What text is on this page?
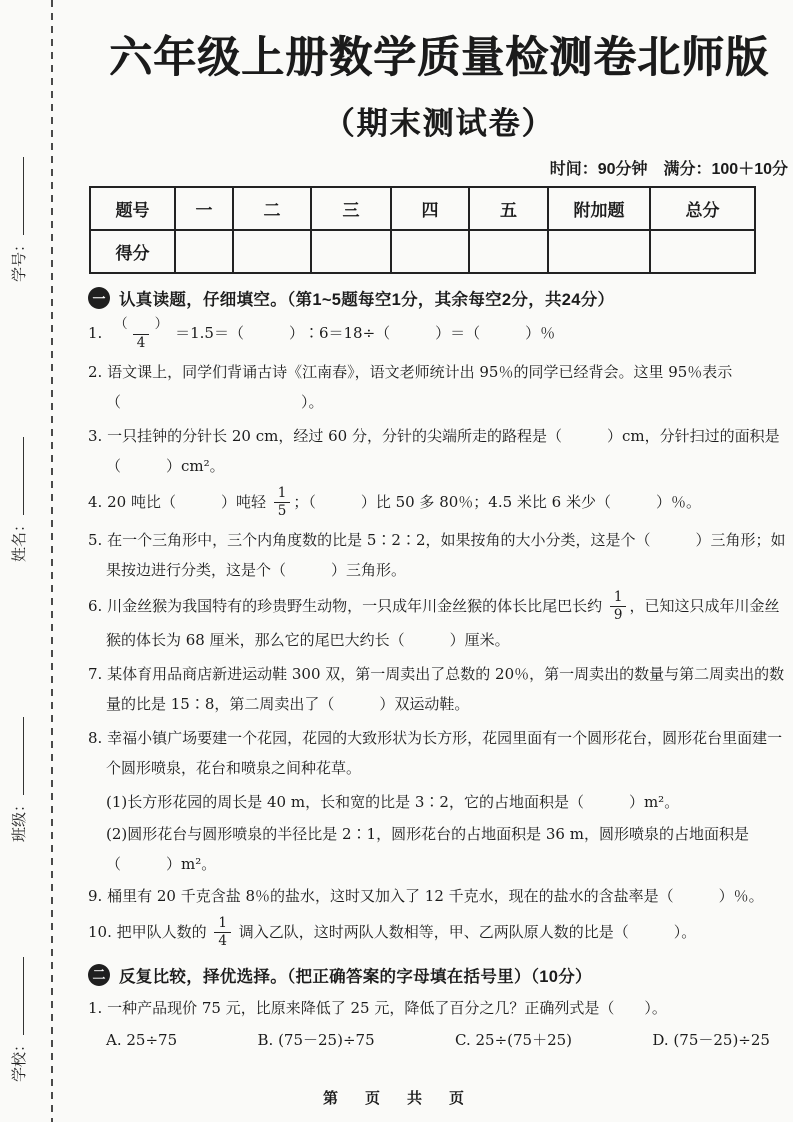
学校：
班级：
姓名：
学号：
六年级上册数学质量检测卷北师版
（期末测试卷）
时间：90分钟　满分：100＋10分
题号	一	二	三	四	五	附加题	总分
得分							
一 认真读题，仔细填空。（第1~5题每空1分，其余每空2分，共24分）
1. $\frac{( )}{4} =1.5=$（　　　）∶6＝18÷（　　　）＝（　　　）％
2. 语文课上，同学们背诵古诗《江南春》，语文老师统计出 95％的同学已经背会。这里 95％表示（　　　　　　　　　　　　）。
3. 一只挂钟的分针长 20 cm，经过 60 分，分针的尖端所走的路程是（　　　）cm，分针扫过的面积是（　　　）cm²。
4. 20 吨比（　　　）吨轻 $\frac{1}{5}$ ；（　　　）比 50 多 80％；4.5 米比 6 米少（　　　）％。
5. 在一个三角形中，三个内角度数的比是 5∶2∶2，如果按角的大小分类，这是个（　　　）三角形；如果按边进行分类，这是个（　　　）三角形。
6. 川金丝猴为我国特有的珍贵野生动物，一只成年川金丝猴的体长比尾巴长约 $\frac{1}{9}$ ，已知这只成年川金丝猴的体长为 68 厘米，那么它的尾巴大约长（　　　）厘米。
7. 某体育用品商店新进运动鞋 300 双，第一周卖出了总数的 20％，第一周卖出的数量与第二周卖出的数量的比是 15∶8，第二周卖出了（　　　）双运动鞋。
8. 幸福小镇广场要建一个花园，花园的大致形状为长方形，花园里面有一个圆形花台，圆形花台里面建一个圆形喷泉，花台和喷泉之间种花草。
(1)长方形花园的周长是 40 m，长和宽的比是 3∶2，它的占地面积是（　　　）m²。
(2)圆形花台与圆形喷泉的半径比是 2∶1，圆形花台的占地面积是 36 m，圆形喷泉的占地面积是（　　　）m²。
9. 桶里有 20 千克含盐 8％的盐水，这时又加入了 12 千克水，现在的盐水的含盐率是（　　　）％。
10. 把甲队人数的 $\frac{1}{4}$ 调入乙队，这时两队人数相等，甲、乙两队原人数的比是（　　　）。
二 反复比较，择优选择。（把正确答案的字母填在括号里）（10分）
1. 一种产品现价 75 元，比原来降低了 25 元，降低了百分之几？正确列式是（　　）。
A. 25÷75	B. (75－25)÷75	C. 25÷(75＋25)	D. (75－25)÷25
第　页　共　页
